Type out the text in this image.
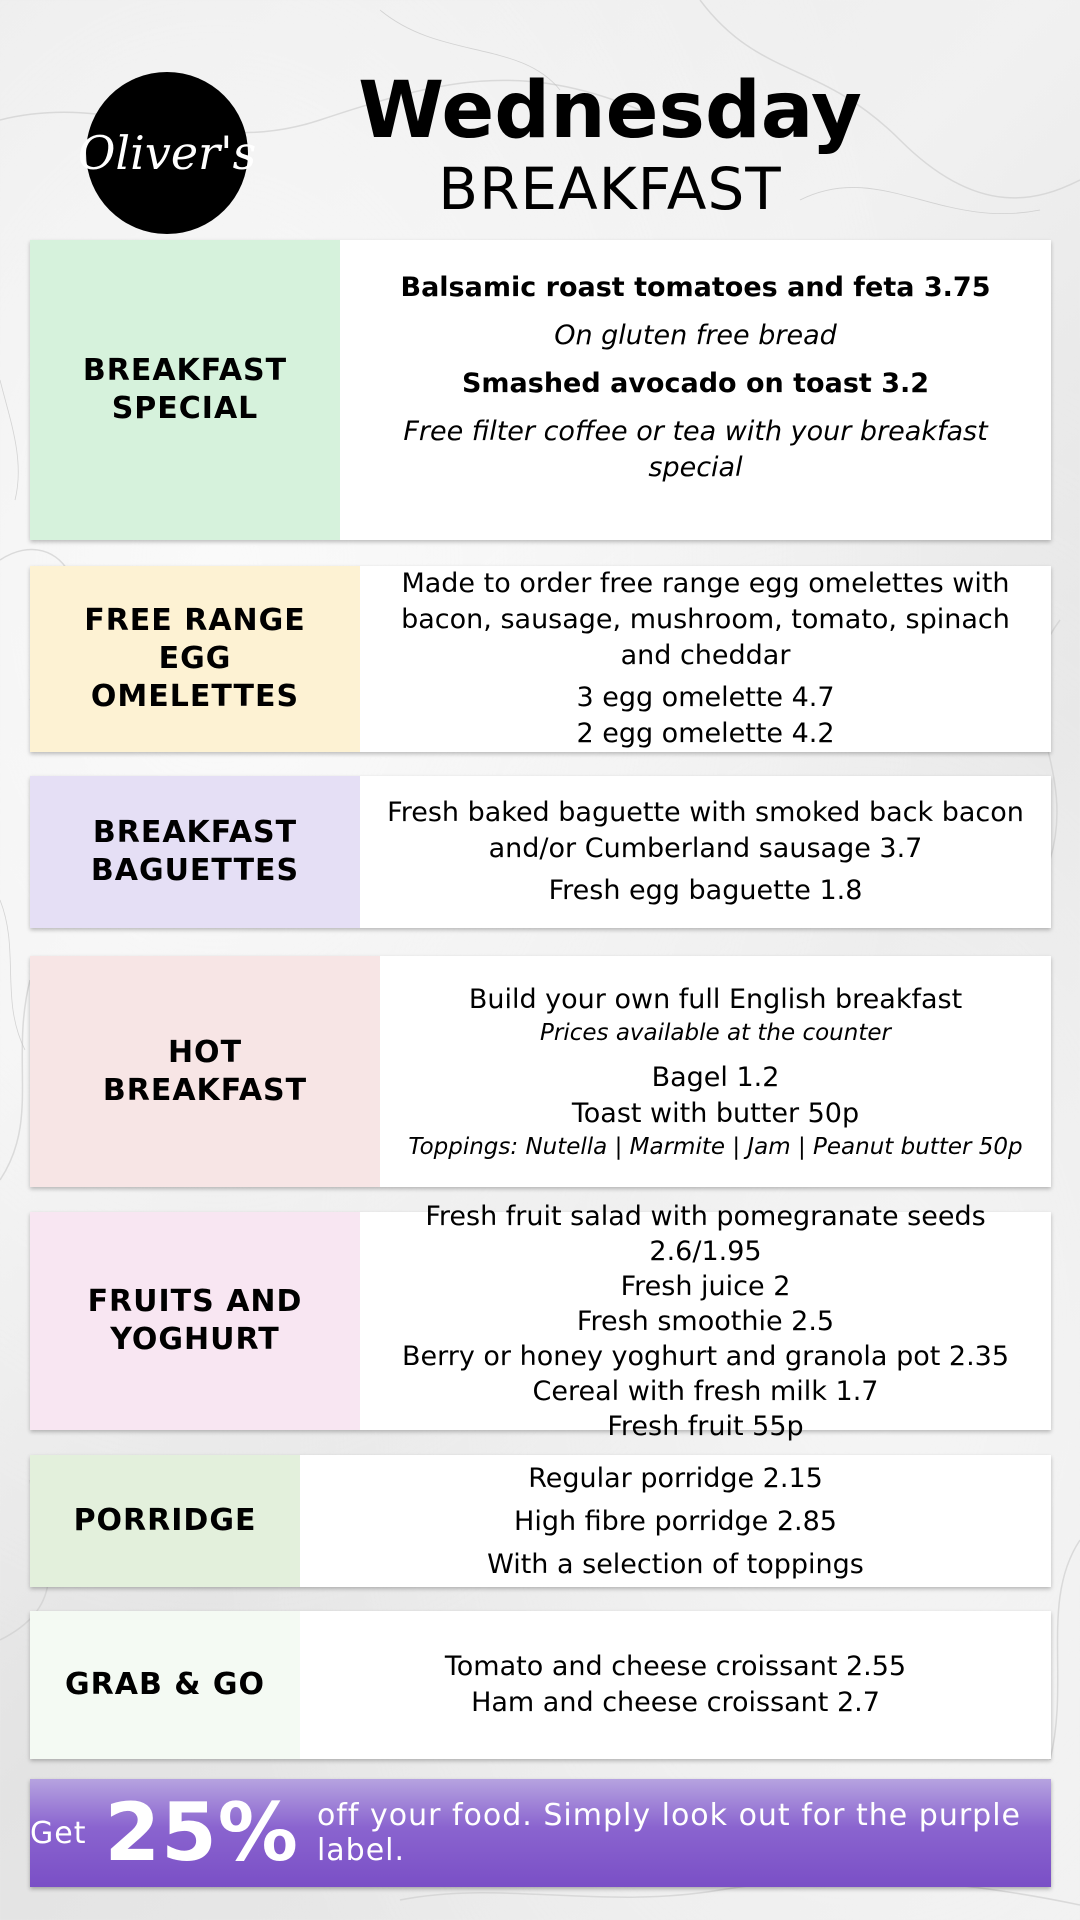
Oliver's	Wednesday
BREAKFAST
BREAKFAST SPECIAL
Balsamic roast tomatoes and feta 3.75
On gluten free bread
Smashed avocado on toast 3.2
Free filter coffee or tea with your breakfast special
FREE RANGE EGG OMELETTES
Made to order free range egg omelettes with bacon, sausage, mushroom, tomato, spinach and cheddar
3 egg omelette 4.7
2 egg omelette 4.2
BREAKFAST BAGUETTES
Fresh baked baguette with smoked back bacon and/or Cumberland sausage 3.7
Fresh egg baguette 1.8
HOT BREAKFAST
Build your own full English breakfast
Prices available at the counter
Bagel 1.2
Toast with butter 50p
Toppings: Nutella | Marmite | Jam | Peanut butter 50p
FRUITS AND YOGHURT
Fresh fruit salad with pomegranate seeds 2.6/1.95
Fresh juice 2
Fresh smoothie 2.5
Berry or honey yoghurt and granola pot 2.35
Cereal with fresh milk 1.7
Fresh fruit 55p
PORRIDGE
Regular porridge 2.15
High fibre porridge 2.85
With a selection of toppings
GRAB & GO
Tomato and cheese croissant 2.55
Ham and cheese croissant 2.7
Get 25% off your food. Simply look out for the purple label.
